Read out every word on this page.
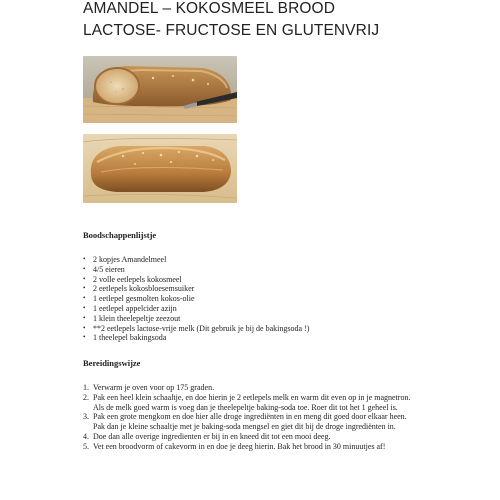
AMANDEL – KOKOSMEEL BROOD
LACTOSE- FRUCTOSE EN GLUTENVRIJ

Boodschappenlijstje

• 2 kopjes Amandelmeel
• 4/5 eieren
• 2 volle eetlepels kokosmeel
• 2 eetlepels kokosbloesemsuiker
• 1 eetlepel gesmolten kokos-olie
• 1 eetlepel appelcider azijn
• 1 klein theelepeltje zeezout
• **2 eetlepels lactose-vrije melk (Dit gebruik je bij de bakingsoda !)
• 1 theelepel bakingsoda

Bereidingswijze

1. Verwarm je oven voor op 175 graden.
2. Pak een heel klein schaaltje, en doe hierin je 2 eetlepels melk en warm dit even op in je magnetron. Als de melk goed warm is voeg dan je theelepeltje baking-soda toe. Roer dit tot het 1 geheel is.
3. Pak een grote mengkom en doe hier alle droge ingrediënten in en meng dit goed door elkaar heen. Pak dan je kleine schaaltje met je baking-soda mengsel en giet dit bij de droge ingrediënten in.
4. Doe dan alle overige ingredienten er bij in en kneed dit tot een mooi deeg.
5. Vet een broodvorm of cakevorm in en doe je deeg hierin. Bak het brood in 30 minuutjes af!
